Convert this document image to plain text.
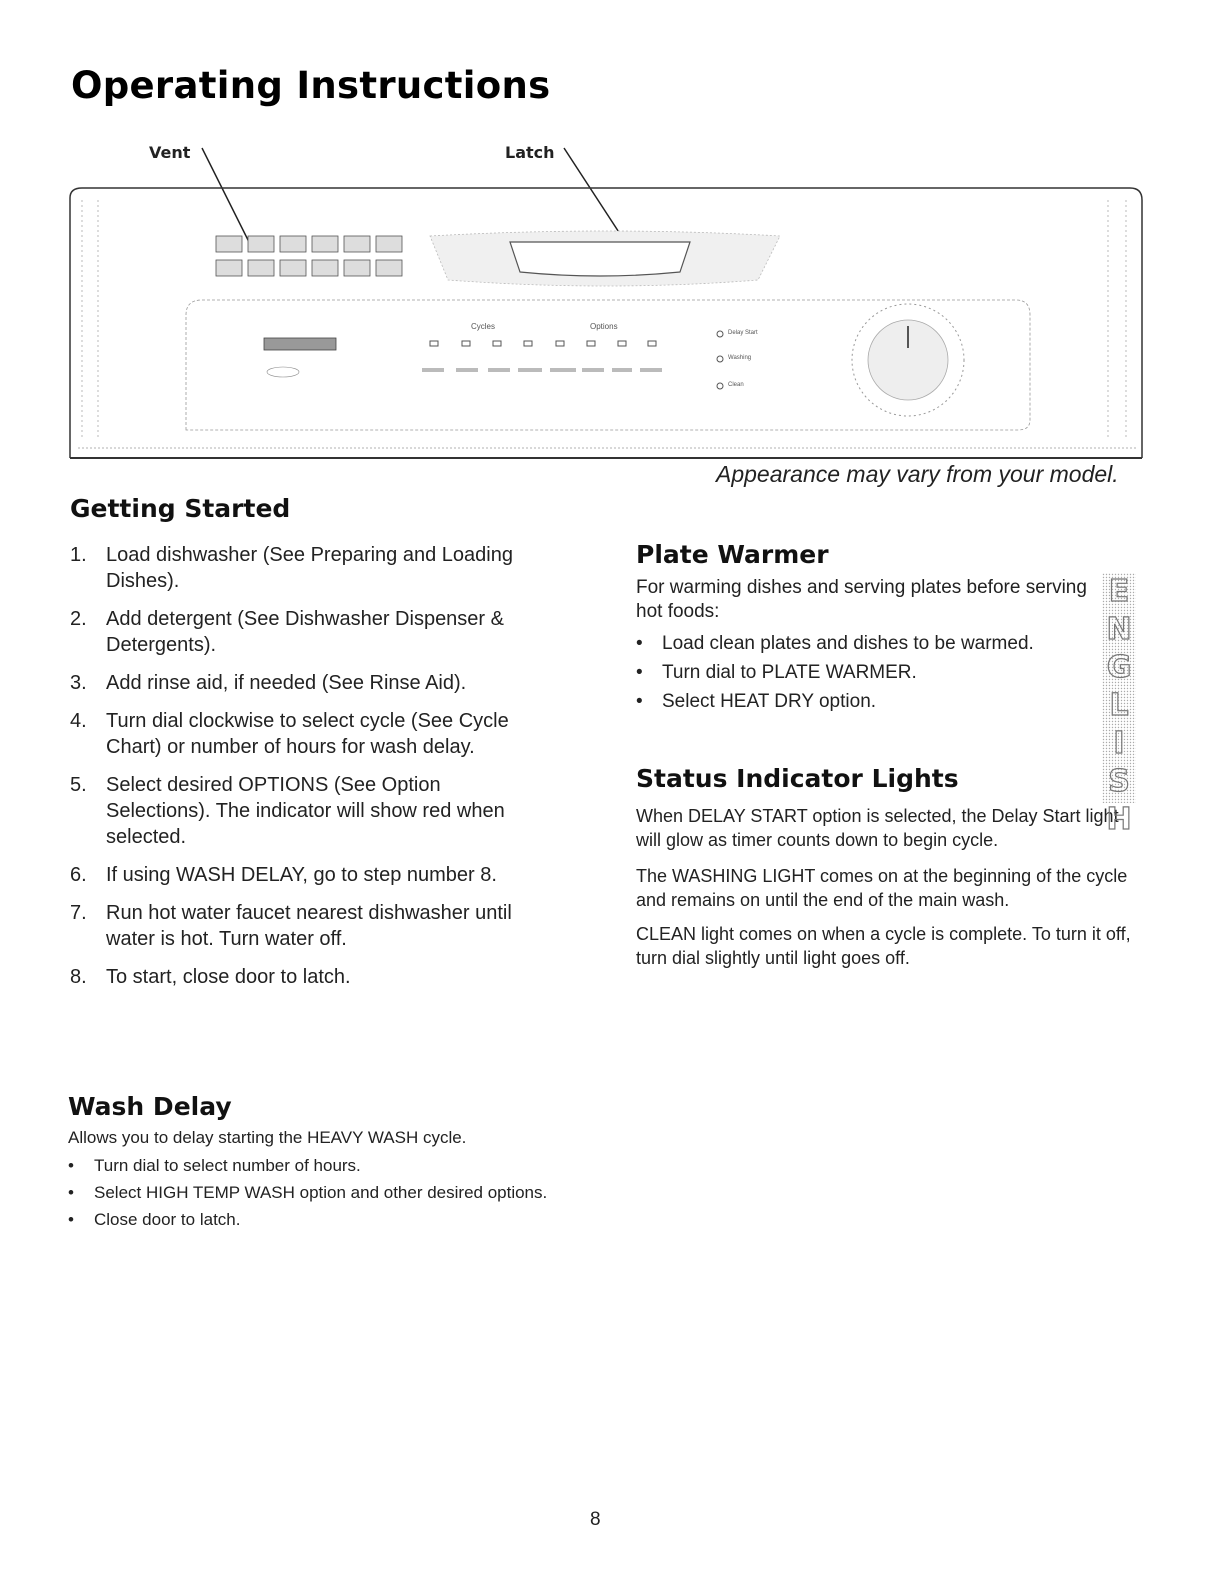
Operating Instructions
Vent	Latch
Cycles	Options
Delay Start
Washing
Clean
Appearance may vary from your model.
Getting Started
1. Load dishwasher (See Preparing and Loading Dishes).
2. Add detergent (See Dishwasher Dispenser & Detergents).
3. Add rinse aid, if needed (See Rinse Aid).
4. Turn dial clockwise to select cycle (See Cycle Chart) or number of hours for wash delay.
5. Select desired OPTIONS (See Option Selections). The indicator will show red when selected.
6. If using WASH DELAY, go to step number 8.
7. Run hot water faucet nearest dishwasher until water is hot. Turn water off.
8. To start, close door to latch.
Plate Warmer
For warming dishes and serving plates before serving hot foods:
• Load clean plates and dishes to be warmed.
• Turn dial to PLATE WARMER.
• Select HEAT DRY option.
Status Indicator Lights

When DELAY START option is selected, the Delay Start light will glow as timer counts down to begin cycle.

The WASHING LIGHT comes on at the beginning of the cycle and remains on until the end of the main wash.

CLEAN light comes on when a cycle is complete. To turn it off, turn dial slightly until light goes off.

Wash Delay
Allows you to delay starting the HEAVY WASH cycle.
• Turn dial to select number of hours.
• Select HIGH TEMP WASH option and other desired options.
• Close door to latch.
E
N
G
L
I
S
H
8
